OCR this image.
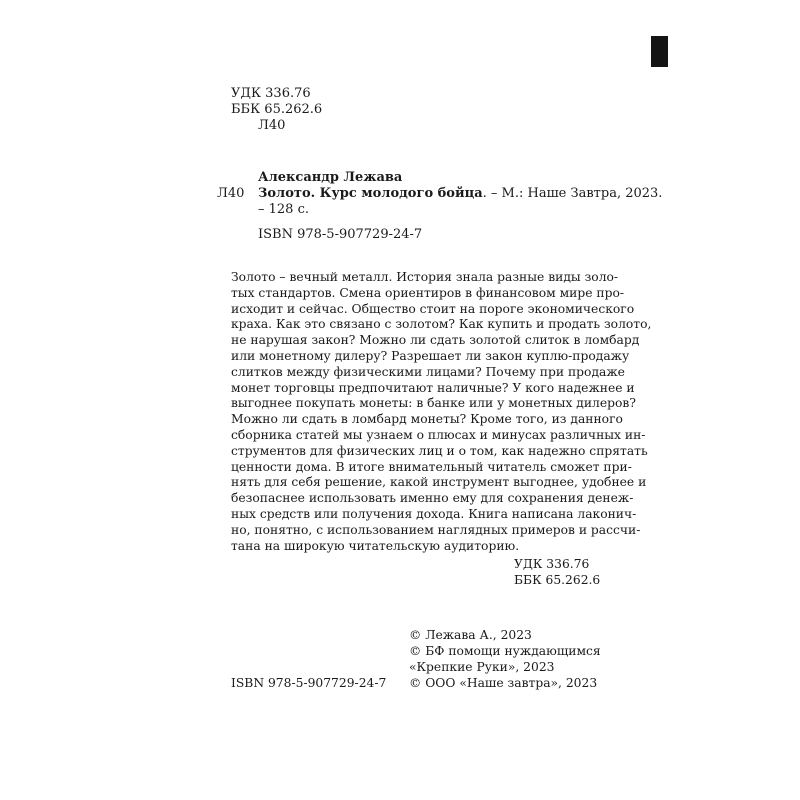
УДК 336.76
ББК 65.262.6
Л40
Александр Лежава
Л40 Золото. Курс молодого бойца. – М.: Наше Завтра, 2023.
– 128 с.
ISBN 978-5-907729-24-7
Золото – вечный металл. История знала разные виды золо-
тых стандартов. Смена ориентиров в финансовом мире про-
исходит и сейчас. Общество стоит на пороге экономического
краха. Как это связано с золотом? Как купить и продать золото,
не нарушая закон? Можно ли сдать золотой слиток в ломбард
или монетному дилеру? Разрешает ли закон куплю-продажу
слитков между физическими лицами? Почему при продаже
монет торговцы предпочитают наличные? У кого надежнее и
выгоднее покупать монеты: в банке или у монетных дилеров?
Можно ли сдать в ломбард монеты? Кроме того, из данного
сборника статей мы узнаем о плюсах и минусах различных ин-
струментов для физических лиц и о том, как надежно спрятать
ценности дома. В итоге внимательный читатель сможет при-
нять для себя решение, какой инструмент выгоднее, удобнее и
безопаснее использовать именно ему для сохранения денеж-
ных средств или получения дохода. Книга написана лаконич-
но, понятно, с использованием наглядных примеров и рассчи-
тана на широкую читательскую аудиторию.
УДК 336.76
ББК 65.262.6
© Лежава А., 2023
© БФ помощи нуждающимся
«Крепкие Руки», 2023
© ООО «Наше завтра», 2023
ISBN 978-5-907729-24-7
